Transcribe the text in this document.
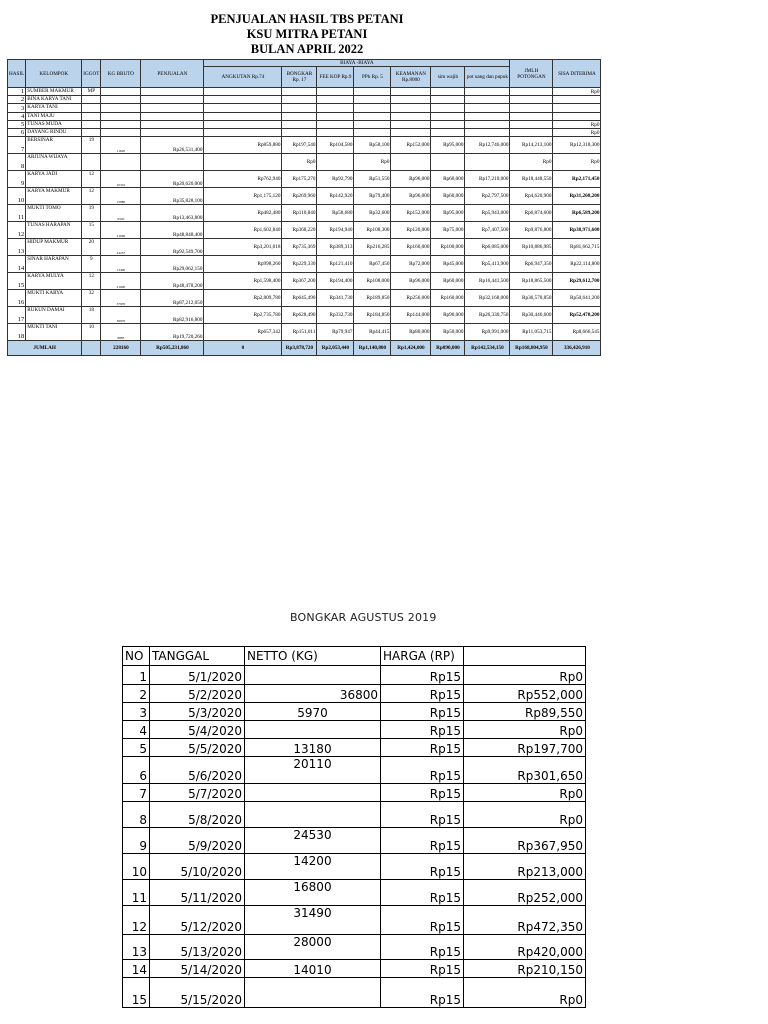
PENJUALAN HASIL TBS PETANI
KSU MITRA PETANI
BULAN APRIL 2022
HASIL	KELOMPOK	IGGOT	KG BRUTO	PENJUALAN	BIAYA -BIAYA							JMLH POTONGAN	SISA DITERIMA
					ANGKUTAN Rp.74	BONGKAR Rp. 17	FEE KOP Rp.9	PPh Rp. 5	KEAMANAN Rp.8000	sim wajib	pot uang dan pupuk		
1	SUMBER MAKMUR	MP											Rp0
2	BINA KARYA TANI												
3	KARYA TANI												
4	TANI MAJU												
5	TUNAS MUDA												Rp0
6	DAYANG RINDU												Rp0
7	BERSINAR	19	11620	Rp26,531,400	Rp859,880	Rp197,540	Rp104,580	Rp58,100	Rp152,000	Rp95,000	Rp12,746,000	Rp14,213,100	Rp12,318,300
8	ARJUNA WIJAYA					Rp0		Rp0				Rp0	Rp0
9	KARYA JADI	12	10310	Rp20,620,000	Rp762,940	Rp175,270	Rp92,790	Rp51,550	Rp96,000	Rp60,000	Rp17,210,000	Rp18,448,550	Rp2,171,450
10	KARYA MAKMUR	12	15880	Rp35,828,100	Rp1,175,120	Rp269,960	Rp142,920	Rp79,400	Rp96,000	Rp60,000	Rp2,797,500	Rp4,620,900	Rp31,208,200
11	MUKTI TOMO	19	6520	Rp13,463,800	Rp482,480	Rp110,840	Rp58,680	Rp32,600	Rp152,000	Rp95,000	Rp5,943,000	Rp6,874,600	Rp6,589,200
12	TUNAS HARAPAN	15	21660	Rp48,848,400	Rp1,602,840	Rp368,220	Rp194,940	Rp108,300	Rp120,000	Rp75,000	Rp7,407,500	Rp9,876,800	Rp38,971,600
13	HIDUP MAKMUR	20	43257	Rp92,549,700	Rp3,201,018	Rp735,369	Rp389,313	Rp216,285	Rp160,000	Rp100,000	Rp6,085,000	Rp10,886,985	Rp81,662,715
14	SINAR HARAPAN	9	13490	Rp29,062,150	Rp998,260	Rp229,330	Rp121,410	Rp67,450	Rp72,000	Rp45,000	Rp5,413,900	Rp6,947,350	Rp22,114,800
15	KARYA MULYA	12	21600	Rp48,478,200	Rp1,598,400	Rp367,200	Rp194,400	Rp108,000	Rp96,000	Rp60,000	Rp16,441,500	Rp18,865,500	Rp29,612,700
16	MUKTI KARYA	32	37970	Rp87,212,050	Rp2,809,780	Rp645,490	Rp341,730	Rp189,850	Rp256,000	Rp160,000	Rp32,168,000	Rp36,570,850	Rp50,641,200
17	RUKUN DAMAI	18	36970	Rp82,916,800	Rp2,735,780	Rp628,490	Rp332,730	Rp184,850	Rp144,000	Rp90,000	Rp26,330,750	Rp30,446,600	Rp52,470,200
18	MUKTI TANI	10	8883	Rp19,720,260	Rp657,342	Rp151,011	Rp79,947	Rp44,415	Rp80,000	Rp50,000	Rp9,991,000	Rp11,053,715	Rp8,666,545
JUMLAH			228160	Rp505,231,860	0	Rp3,878,720	Rp2,053,440	Rp1,140,800	Rp1,424,000	Rp890,000	Rp142,534,150	Rp168,804,950	336,426,910
BONGKAR AGUSTUS 2019
NO	TANGGAL	NETTO (KG)	HARGA (RP)	
1	5/1/2020		Rp15	Rp0
2	5/2/2020	36800	Rp15	Rp552,000
3	5/3/2020	5970	Rp15	Rp89,550
4	5/4/2020		Rp15	Rp0
5	5/5/2020	13180	Rp15	Rp197,700
6	5/6/2020	20110	Rp15	Rp301,650
7	5/7/2020		Rp15	Rp0
8	5/8/2020		Rp15	Rp0
9	5/9/2020	24530	Rp15	Rp367,950
10	5/10/2020	14200	Rp15	Rp213,000
11	5/11/2020	16800	Rp15	Rp252,000
12	5/12/2020	31490	Rp15	Rp472,350
13	5/13/2020	28000	Rp15	Rp420,000
14	5/14/2020	14010	Rp15	Rp210,150
15	5/15/2020		Rp15	Rp0
